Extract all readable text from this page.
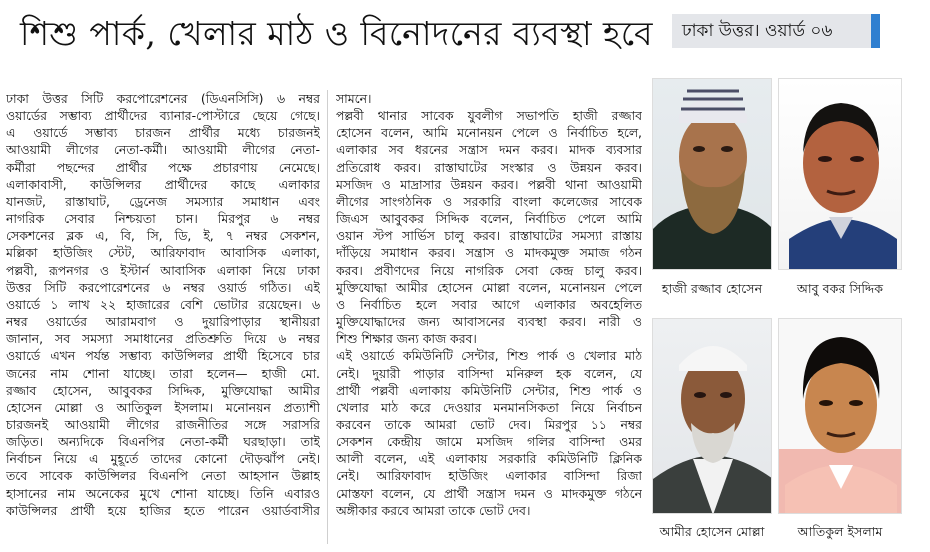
শিশু পার্ক, খেলার মাঠ ও বিনোদনের ব্যবস্থা হবে	ঢাকা উত্তর। ওয়ার্ড ০৬

ঢাকা উত্তর সিটি করপোরেশনের (ডিএনসিসি) ৬ নম্বর

ওয়ার্ডের সম্ভাব্য প্রার্থীদের ব্যানার-পোস্টারে ছেয়ে গেছে।

এ ওয়ার্ডে সম্ভাব্য চারজন প্রার্থীর মধ্যে চারজনই

আওয়ামী লীগের নেতা-কর্মী। আওয়ামী লীগের নেতা-

কর্মীরা পছন্দের প্রার্থীর পক্ষে প্রচারণায় নেমেছে।

এলাকাবাসী, কাউন্সিলর প্রার্থীদের কাছে এলাকার

যানজট, রাস্তাঘাট, ড্রেনেজ সমস্যার সমাধান এবং

নাগরিক সেবার নিশ্চয়তা চান। মিরপুর ৬ নম্বর

সেকশনের ব্লক এ, বি, সি, ডি, ই, ৭ নম্বর সেকশন,

মল্লিকা হাউজিং স্টেট, আরিফাবাদ আবাসিক এলাকা,

পল্লবী, রূপনগর ও ইস্টার্ন আবাসিক এলাকা নিয়ে ঢাকা

উত্তর সিটি করপোরেশনের ৬ নম্বর ওয়ার্ড গঠিত। এই

ওয়ার্ডে ১ লাখ ২২ হাজারের বেশি ভোটার রয়েছেন। ৬

নম্বর ওয়ার্ডের আরামবাগ ও দুয়ারিপাড়ার স্থানীয়রা

জানান, সব সমস্যা সমাধানের প্রতিশ্রুতি দিয়ে ৬ নম্বর

ওয়ার্ডে এখন পর্যন্ত সম্ভাব্য কাউন্সিলর প্রার্থী হিসেবে চার

জনের নাম শোনা যাচ্ছে। তারা হলেন— হাজী মো.

রজ্জাব হোসেন, আবুবকর সিদ্দিক, মুক্তিযোদ্ধা আমীর

হোসেন মোল্লা ও আতিকুল ইসলাম। মনোনয়ন প্রত্যাশী

চারজনই আওয়ামী লীগের রাজনীতির সঙ্গে সরাসরি

জড়িত। অন্যদিকে বিএনপির নেতা-কর্মী ঘরছাড়া। তাই

নির্বাচন নিয়ে এ মুহূর্তে তাদের কোনো দৌড়ঝাঁপ নেই।

তবে সাবেক কাউন্সিলর বিএনপি নেতা আহসান উল্লাহ

হাসানের নাম অনেকের মুখে শোনা যাচ্ছে। তিনি এবারও

কাউন্সিলর প্রার্থী হয়ে হাজির হতে পারেন ওয়ার্ডবাসীর

সামনে।

পল্লবী থানার সাবেক যুবলীগ সভাপতি হাজী রজ্জাব

হোসেন বলেন, আমি মনোনয়ন পেলে ও নির্বাচিত হলে,

এলাকার সব ধরনের সন্ত্রাস দমন করব। মাদক ব্যবসার

প্রতিরোধ করব। রাস্তাঘাটের সংস্কার ও উন্নয়ন করব।

মসজিদ ও মাদ্রাসার উন্নয়ন করব। পল্লবী থানা আওয়ামী

লীগের সাংগঠনিক ও সরকারি বাংলা কলেজের সাবেক

জিএস আবুবকর সিদ্দিক বলেন, নির্বাচিত পেলে আমি

ওয়ান স্টপ সার্ভিস চালু করব। রাস্তাঘাটের সমস্যা রাস্তায়

দাঁড়িয়ে সমাধান করব। সন্ত্রাস ও মাদকমুক্ত সমাজ গঠন

করব। প্রবীণদের নিয়ে নাগরিক সেবা কেন্দ্র চালু করব।

মুক্তিযোদ্ধা আমীর হোসেন মোল্লা বলেন, মনোনয়ন পেলে

ও নির্বাচিত হলে সবার আগে এলাকার অবহেলিত

মুক্তিযোদ্ধাদের জন্য আবাসনের ব্যবস্থা করব। নারী ও

শিশু শিক্ষার জন্য কাজ করব।

এই ওয়ার্ডে কমিউনিটি সেন্টার, শিশু পার্ক ও খেলার মাঠ

নেই। দুয়ারী পাড়ার বাসিন্দা মনিরুল হক বলেন, যে

প্রার্থী পল্লবী এলাকায় কমিউনিটি সেন্টার, শিশু পার্ক ও

খেলার মাঠ করে দেওয়ার মনমানসিকতা নিয়ে নির্বাচন

করবেন তাকে আমরা ভোট দেব। মিরপুর ১১ নম্বর

সেকশন কেন্দ্রীয় জামে মসজিদ গলির বাসিন্দা ওমর

আলী বলেন, এই এলাকায় সরকারি কমিউনিটি ক্লিনিক

নেই। আরিফাবাদ হাউজিং এলাকার বাসিন্দা রিজা

মোস্তফা বলেন, যে প্রার্থী সন্ত্রাস দমন ও মাদকমুক্ত গঠনে

অঙ্গীকার করবে আমরা তাকে ভোট দেব।

হাজী রজ্জাব হোসেন	আবু বকর সিদ্দিক
আমীর হোসেন মোল্লা	আতিকুল ইসলাম
